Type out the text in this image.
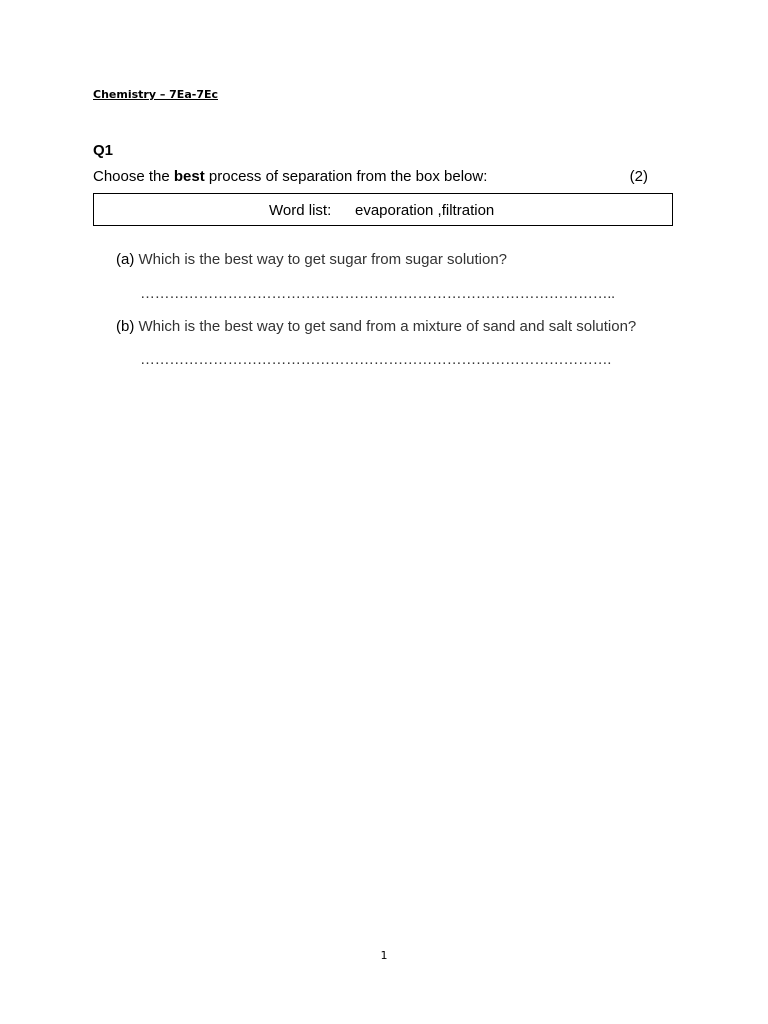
Chemistry – 7Ea-7Ec
Q1
Choose the best process of separation from the box below:	(2)
Word list: evaporation ,filtration
(a) Which is the best way to get sugar from sugar solution?
……………………………………………………………………………………..
(b) Which is the best way to get sand from a mixture of sand and salt solution?
…………………………………………………………………………………….
1
